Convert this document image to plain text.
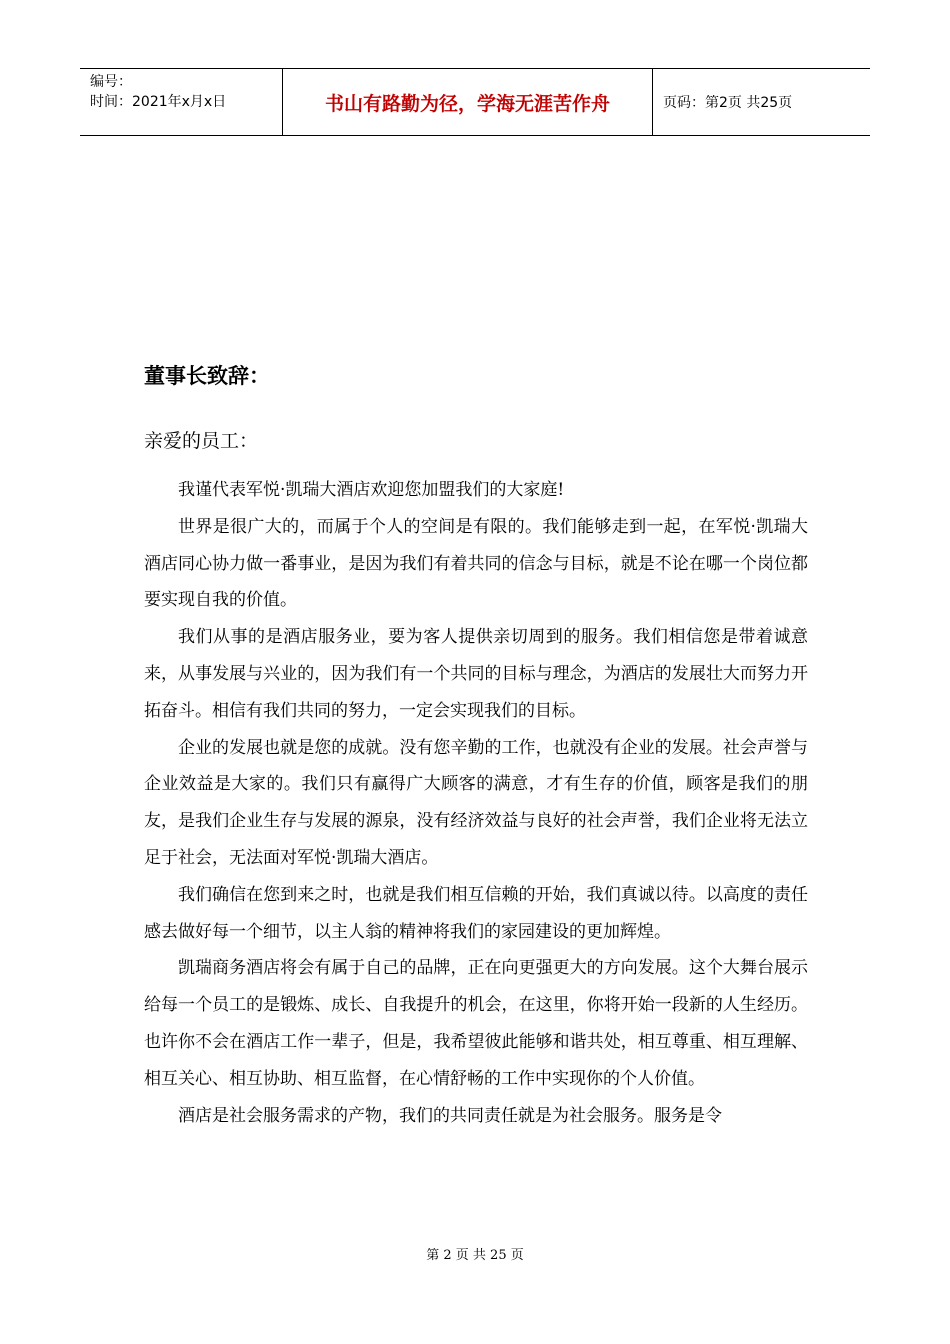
编号：
时间：2021年x月x日	书山有路勤为径，学海无涯苦作舟	页码：第2页 共25页
董事长致辞：

亲爱的员工：

我谨代表军悦·凯瑞大酒店欢迎您加盟我们的大家庭!

世界是很广大的，而属于个人的空间是有限的。我们能够走到一起，在军悦·凯瑞大酒店同心协力做一番事业，是因为我们有着共同的信念与目标，就是不论在哪一个岗位都要实现自我的价值。

我们从事的是酒店服务业，要为客人提供亲切周到的服务。我们相信您是带着诚意来，从事发展与兴业的，因为我们有一个共同的目标与理念，为酒店的发展壮大而努力开拓奋斗。相信有我们共同的努力，一定会实现我们的目标。

企业的发展也就是您的成就。没有您辛勤的工作，也就没有企业的发展。社会声誉与企业效益是大家的。我们只有赢得广大顾客的满意，才有生存的价值，顾客是我们的朋友，是我们企业生存与发展的源泉，没有经济效益与良好的社会声誉，我们企业将无法立足于社会，无法面对军悦·凯瑞大酒店。

我们确信在您到来之时，也就是我们相互信赖的开始，我们真诚以待。以高度的责任感去做好每一个细节，以主人翁的精神将我们的家园建设的更加辉煌。

凯瑞商务酒店将会有属于自己的品牌，正在向更强更大的方向发展。这个大舞台展示给每一个员工的是锻炼、成长、自我提升的机会，在这里，你将开始一段新的人生经历。也许你不会在酒店工作一辈子，但是，我希望彼此能够和谐共处，相互尊重、相互理解、相互关心、相互协助、相互监督，在心情舒畅的工作中实现你的个人价值。

酒店是社会服务需求的产物，我们的共同责任就是为社会服务。服务是令

第 2 页 共 25 页
